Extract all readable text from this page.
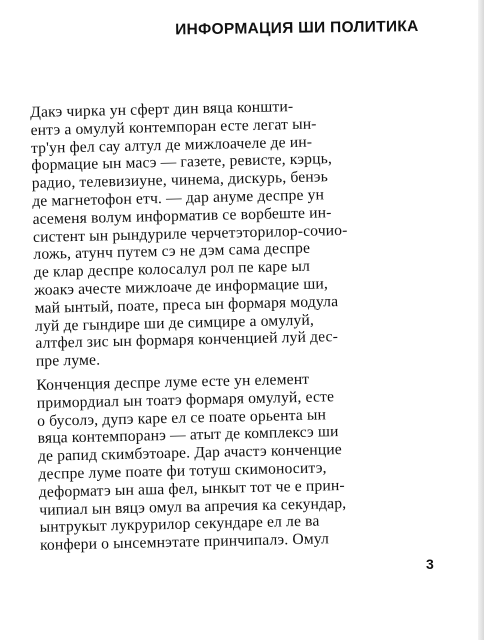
ИНФОРМАЦИЯ ШИ ПОЛИТИКА
Дакэ чиркa ун сферт дин вяца коншти-
ентэ а омулуй контемпоран есте легат ын-
тр'ун фел сау алтул де мижлоачеле де ин-
формацие ын масэ — газете, ревисте, кэрць,
радио, телевизиуне, чинема, дискурь, бенэь
де магнетофон етч. — дар ануме деспре ун
асеменя волум информатив се ворбеште ин-
систент ын рындуриле черчетэторилор-сочио-
ложь, атунч путем сэ не дэм сама деспре
де клар деспре колосалул рол пе каре ыл
жоакэ ачесте мижлоаче де информацие ши,
май ынтый, поате, преса ын формаря модула
луй де гындире ши де симцире а омулуй,
алтфел зис ын формаря конченцией луй дес-
пре луме.
Конченция деспре луме есте ун елемент
примордиал ын тоатэ формаря омулуй, есте
о бусолэ, дупэ каре ел се поате орьента ын
вяца контемпоранэ — атыт де комплексэ ши
де рапид скимбэтоаре. Дар ачастэ конченцие
деспре луме поате фи тотуш скимоноситэ,
деформатэ ын аша фел, ынкыт тот че е прин-
чипиал ын вяцэ омул ва апречия ка секундар,
ынтрукыт лукрурилор секундаре ел ле ва
конфери о ынсемнэтате принчипалэ. Омул
3
